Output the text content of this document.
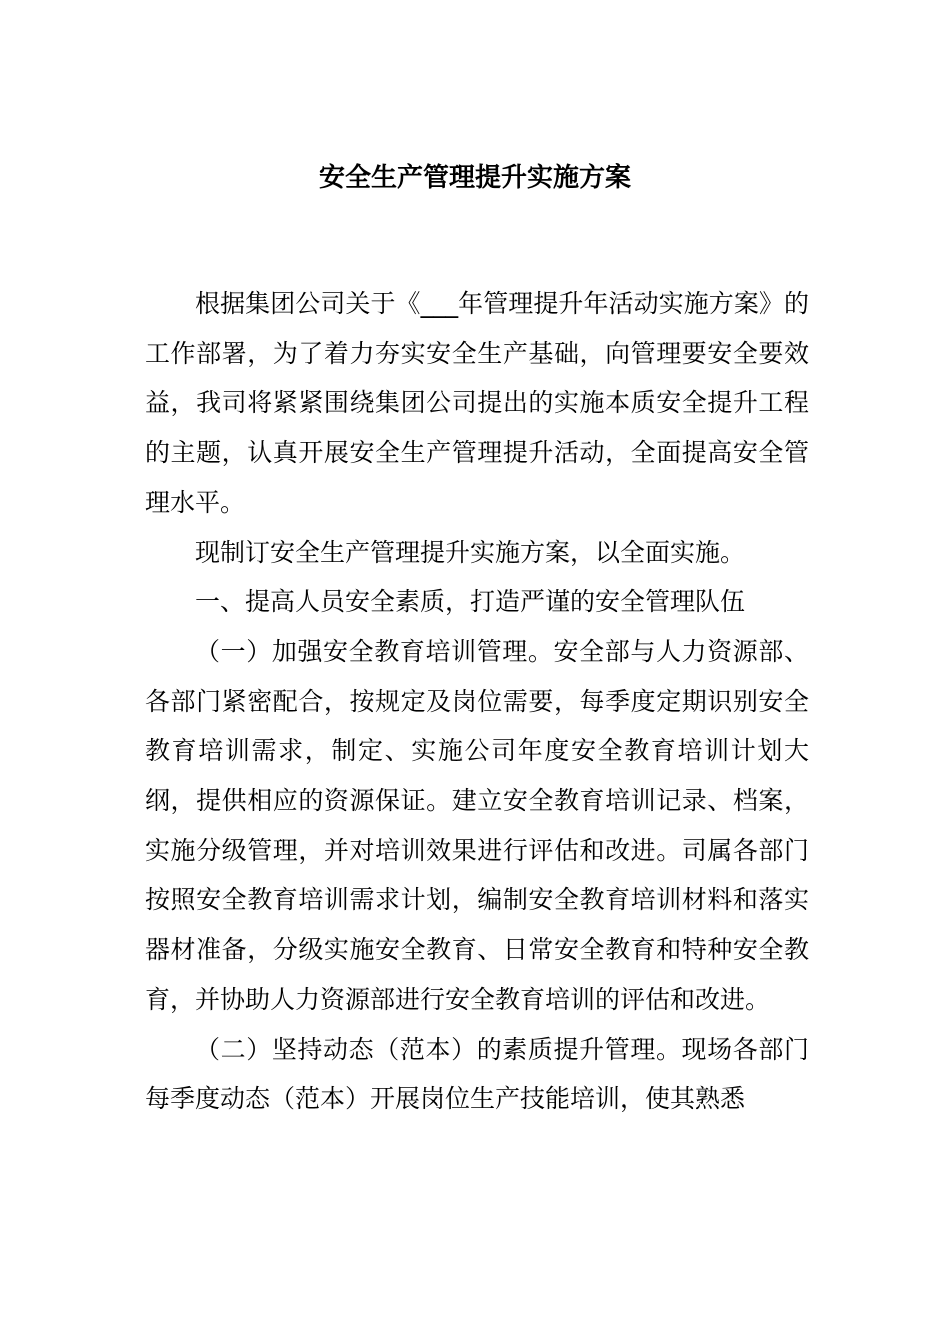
安全生产管理提升实施方案

根据集团公司关于《___年管理提升年活动实施方案》的工作部署，为了着力夯实安全生产基础，向管理要安全要效益，我司将紧紧围绕集团公司提出的实施本质安全提升工程的主题，认真开展安全生产管理提升活动，全面提高安全管理水平。

现制订安全生产管理提升实施方案，以全面实施。

一、提高人员安全素质，打造严谨的安全管理队伍

（一）加强安全教育培训管理。安全部与人力资源部、各部门紧密配合，按规定及岗位需要，每季度定期识别安全教育培训需求，制定、实施公司年度安全教育培训计划大纲，提供相应的资源保证。建立安全教育培训记录、档案，实施分级管理，并对培训效果进行评估和改进。司属各部门按照安全教育培训需求计划，编制安全教育培训材料和落实器材准备，分级实施安全教育、日常安全教育和特种安全教育，并协助人力资源部进行安全教育培训的评估和改进。

（二）坚持动态（范本）的素质提升管理。现场各部门每季度动态（范本）开展岗位生产技能培训，使其熟悉
